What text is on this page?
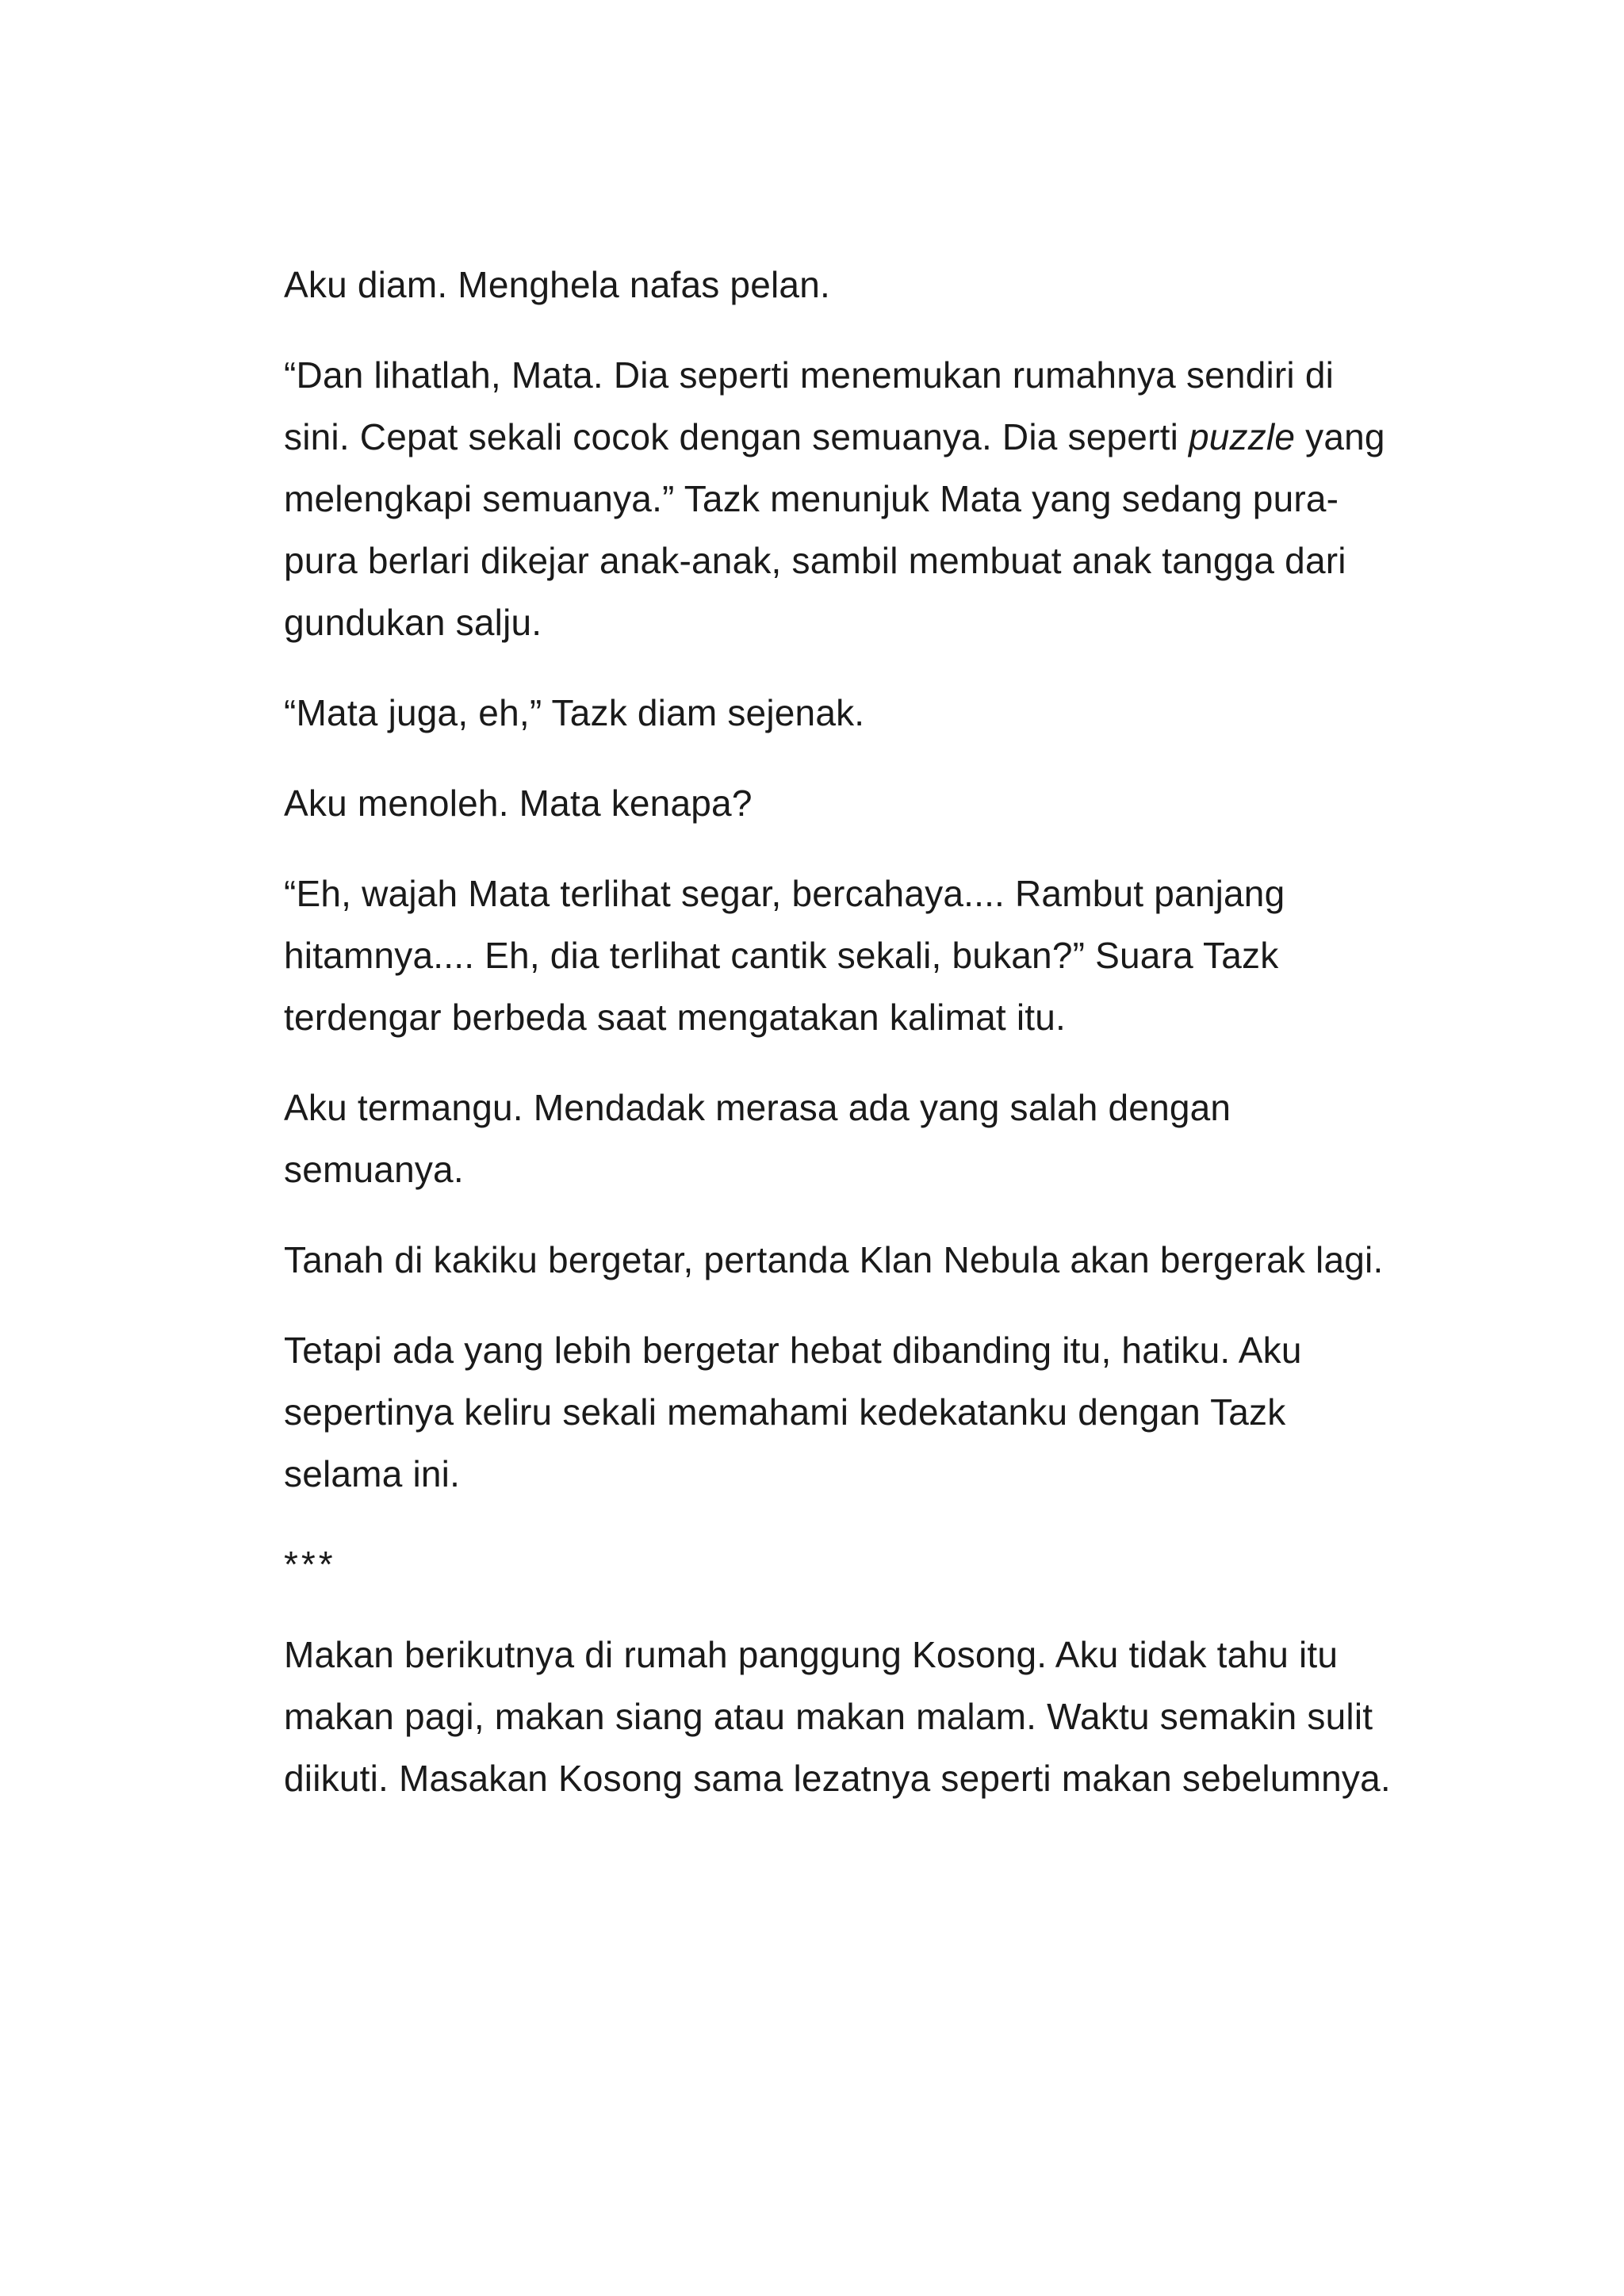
Aku diam. Menghela nafas pelan.

“Dan lihatlah, Mata. Dia seperti menemukan rumahnya sendiri di sini. Cepat sekali cocok dengan semuanya. Dia seperti puzzle yang melengkapi semuanya.” Tazk menunjuk Mata yang sedang pura-pura berlari dikejar anak-anak, sambil membuat anak tangga dari gundukan salju.

“Mata juga, eh,” Tazk diam sejenak.

Aku menoleh. Mata kenapa?

“Eh, wajah Mata terlihat segar, bercahaya.... Rambut panjang hitamnya.... Eh, dia terlihat cantik sekali, bukan?” Suara Tazk terdengar berbeda saat mengatakan kalimat itu.

Aku termangu. Mendadak merasa ada yang salah dengan semuanya.

Tanah di kakiku bergetar, pertanda Klan Nebula akan bergerak lagi.

Tetapi ada yang lebih bergetar hebat dibanding itu, hatiku. Aku sepertinya keliru sekali memahami kedekatanku dengan Tazk selama ini.

***

Makan berikutnya di rumah panggung Kosong. Aku tidak tahu itu makan pagi, makan siang atau makan malam. Waktu semakin sulit diikuti. Masakan Kosong sama lezatnya seperti makan sebelumnya.
